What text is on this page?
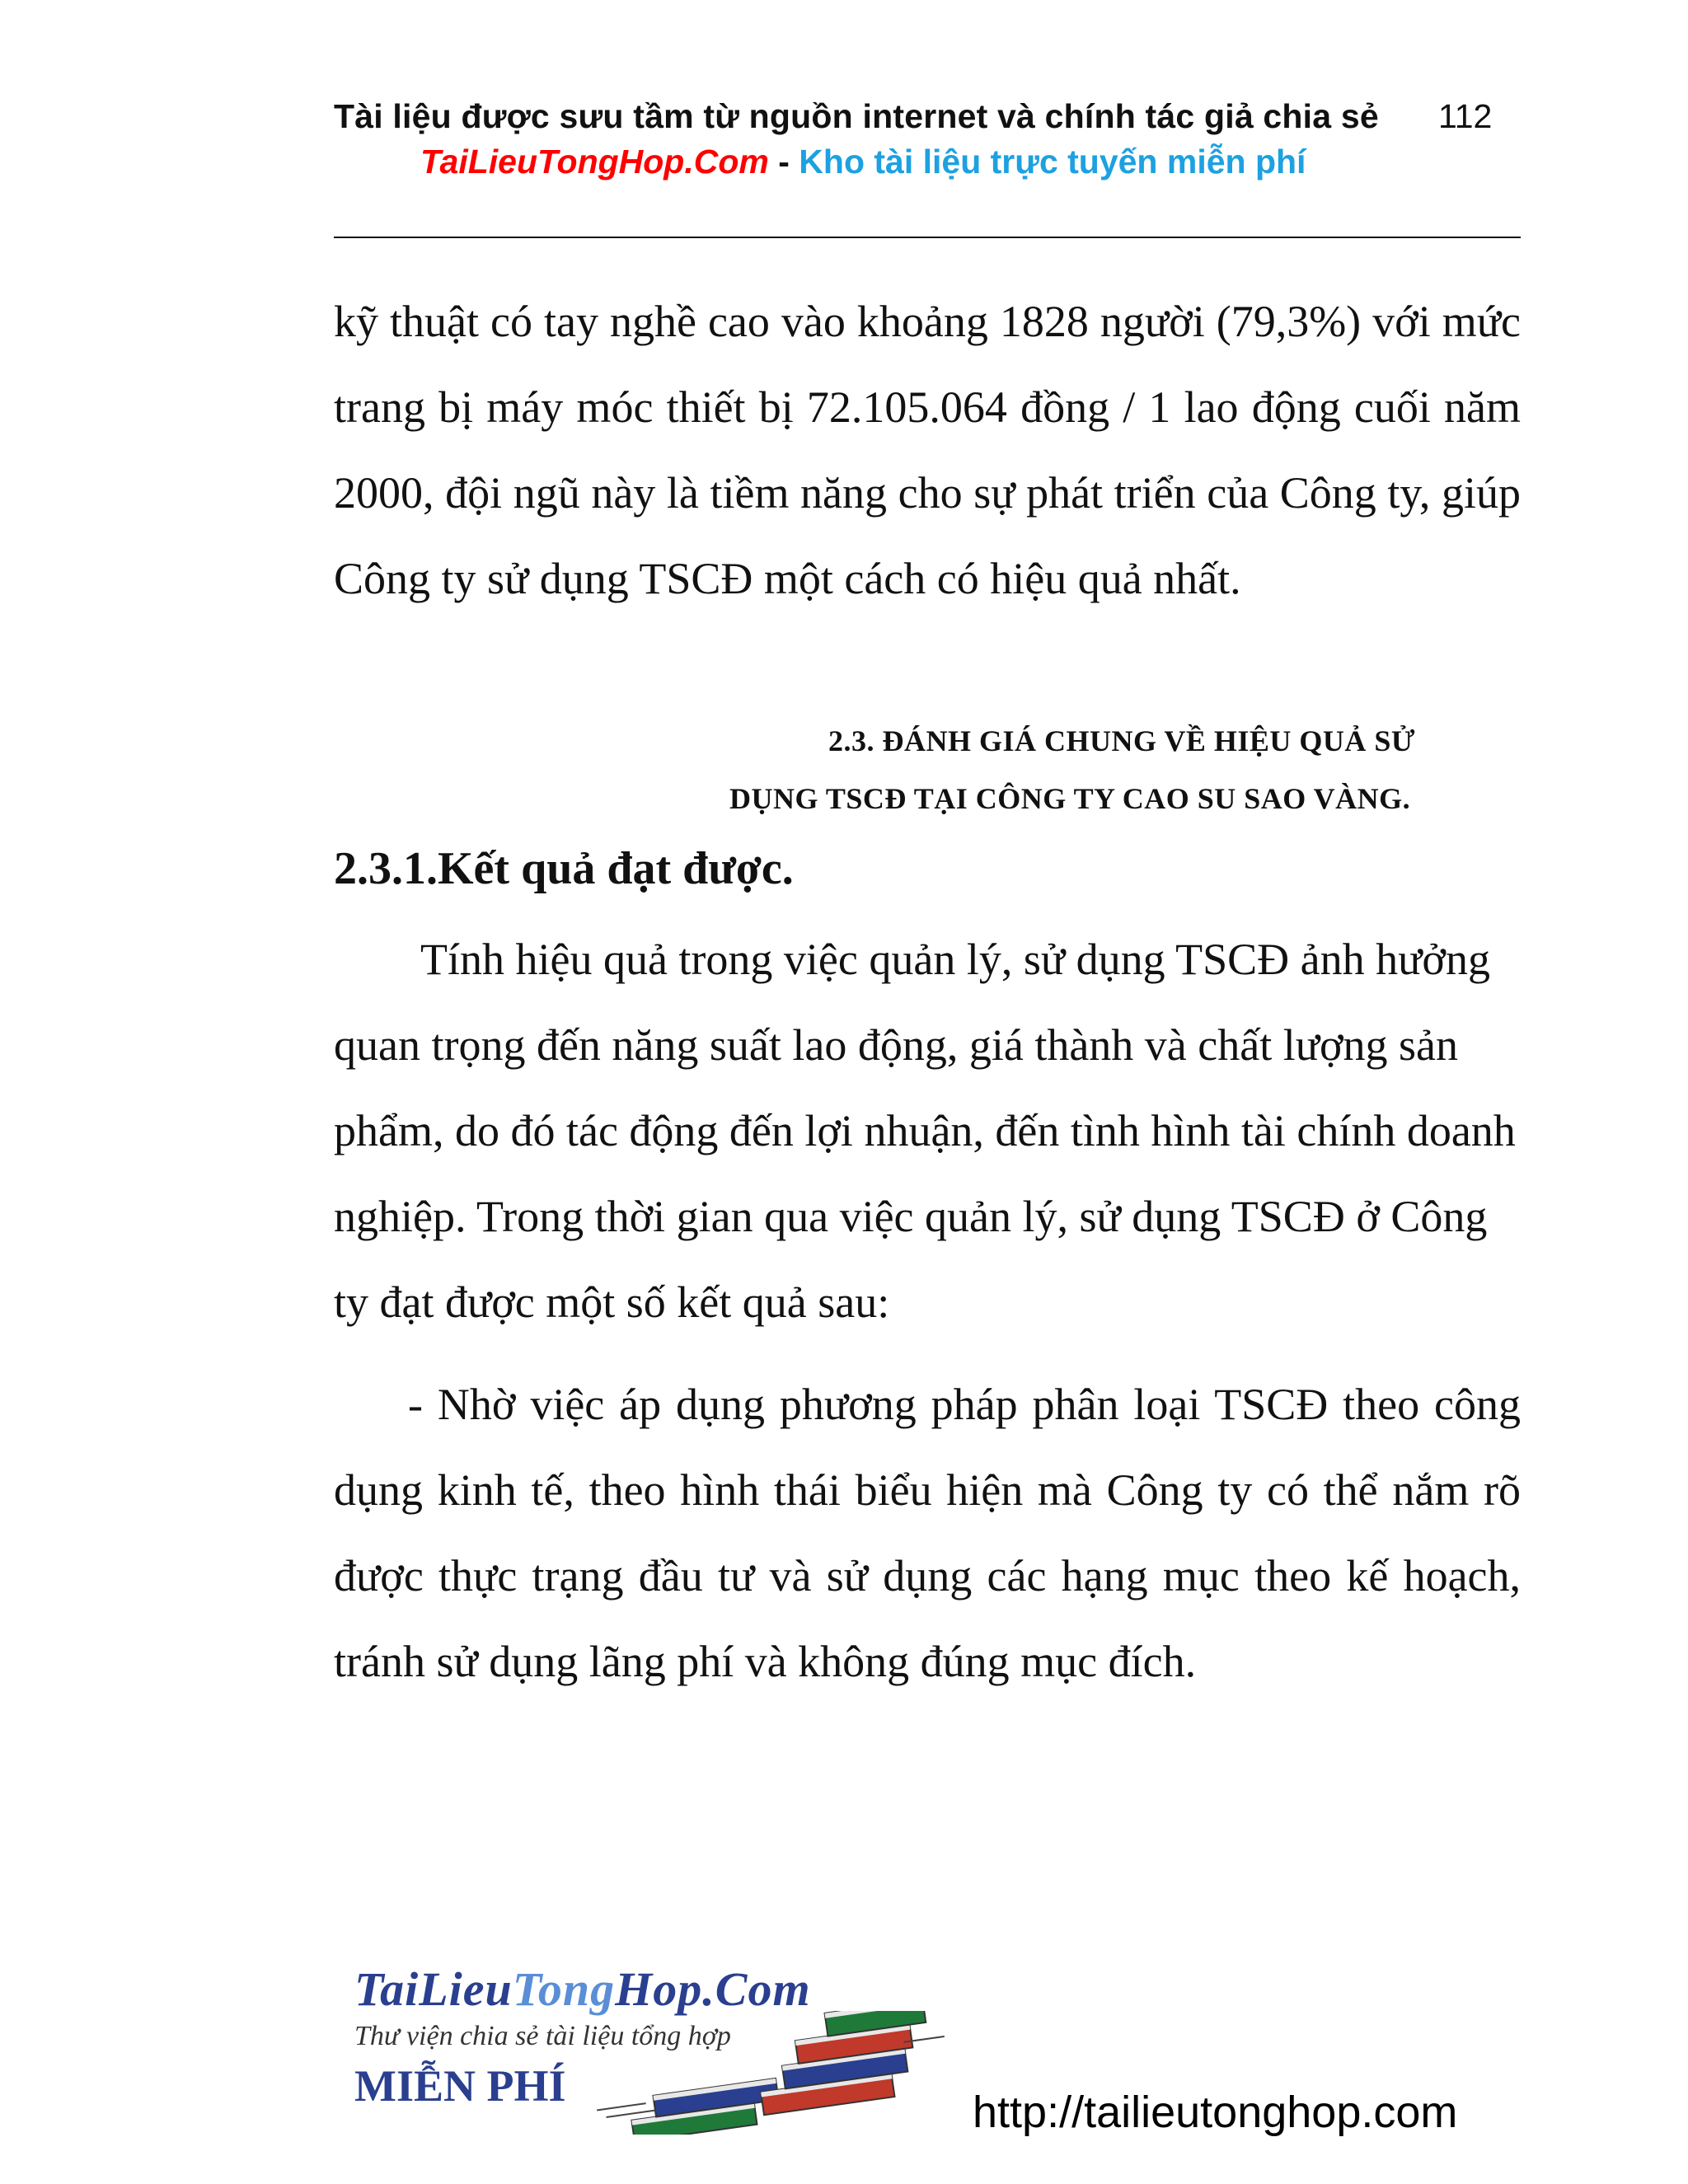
Tài liệu được sưu tầm từ nguồn internet và chính tác giả chia sẻ 112
TaiLieuTongHop.Com - Kho tài liệu trực tuyến miễn phí
kỹ thuật có tay nghề cao vào khoảng 1828 người (79,3%) với mức trang bị máy móc thiết bị 72.105.064 đồng / 1 lao động cuối năm 2000, đội ngũ này là tiềm năng cho sự phát triển của Công ty, giúp Công ty sử dụng TSCĐ một cách có hiệu quả nhất.
2.3. ĐÁNH GIÁ CHUNG VỀ HIỆU QUẢ SỬ
DỤNG TSCĐ TẠI CÔNG TY CAO SU SAO VÀNG.
2.3.1.Kết quả đạt được.
Tính hiệu quả trong việc quản lý, sử dụng TSCĐ ảnh hưởng quan trọng đến năng suất lao động, giá thành và chất lượng sản phẩm, do đó tác động đến lợi nhuận, đến tình hình tài chính doanh nghiệp. Trong thời gian qua việc quản lý, sử dụng TSCĐ ở Công ty đạt được một số kết quả sau:
- Nhờ việc áp dụng phương pháp phân loại TSCĐ theo công dụng kinh tế, theo hình thái biểu hiện mà Công ty có thể nắm rõ được thực trạng đầu tư và sử dụng các hạng mục theo kế hoạch, tránh sử dụng lãng phí và không đúng mục đích.
TaiLieuTongHop.Com
Thư viện chia sẻ tài liệu tổng hợp
MIỄN PHÍ
http://tailieutonghop.com
